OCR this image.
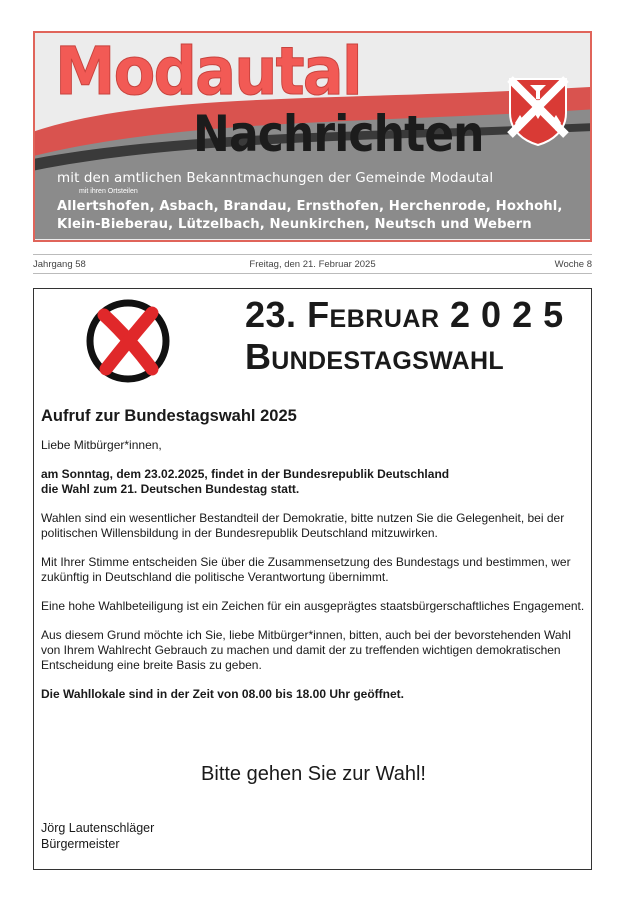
Modautal
Nachrichten
mit den amtlichen Bekanntmachungen der Gemeinde Modautal
mit ihren Ortsteilen
Allertshofen, Asbach, Brandau, Ernsthofen, Herchenrode, Hoxhohl,
Klein-Bieberau, Lützelbach, Neunkirchen, Neutsch und Webern
Freitag, den 21. Februar 2025
Jahrgang 58	Woche 8
23. Februar 2 0 2 5
Bundestagswahl
Aufruf zur Bundestagswahl 2025

Liebe Mitbürger*innen,

am Sonntag, dem 23.02.2025, findet in der Bundesrepublik Deutschland
die Wahl zum 21. Deutschen Bundestag statt.

Wahlen sind ein wesentlicher Bestandteil der Demokratie, bitte nutzen Sie die Gelegenheit, bei der politischen Willensbildung in der Bundesrepublik Deutschland mitzuwirken.

Mit Ihrer Stimme entscheiden Sie über die Zusammensetzung des Bundestags und bestimmen, wer zukünftig in Deutschland die politische Verantwortung übernimmt.

Eine hohe Wahlbeteiligung ist ein Zeichen für ein ausgeprägtes staatsbürgerschaftliches Engagement.

Aus diesem Grund möchte ich Sie, liebe Mitbürger*innen, bitten, auch bei der bevorstehenden Wahl von Ihrem Wahlrecht Gebrauch zu machen und damit der zu treffenden wichtigen demokratischen Entscheidung eine breite Basis zu geben.

Die Wahllokale sind in der Zeit von 08.00 bis 18.00 Uhr geöffnet.

Bitte gehen Sie zur Wahl!
Jörg Lautenschläger
Bürgermeister
